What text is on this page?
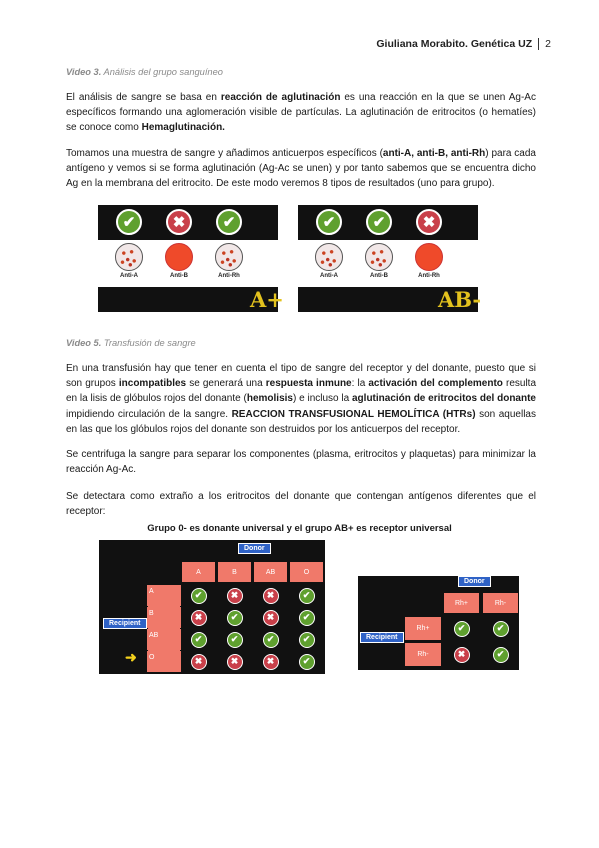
Giuliana Morabito. Genética UZ 2
Video 3. Análisis del grupo sanguíneo
El análisis de sangre se basa en reacción de aglutinación es una reacción en la que se unen Ag-Ac específicos formando una aglomeración visible de partículas. La aglutinación de eritrocitos (o hematíes) se conoce como Hemaglutinación.
Tomamos una muestra de sangre y añadimos anticuerpos específicos (anti-A, anti-B, anti-Rh) para cada antígeno y vemos si se forma aglutinación (Ag-Ac se unen) y por tanto sabemos que se encuentra dicho Ag en la membrana del eritrocito. De este modo veremos 8 tipos de resultados (uno para grupo).
✔	✖	✔
Anti-A	Anti-B	Anti-Rh
A+
✔	✔	✖
Anti-A	Anti-B	Anti-Rh
AB-
Video 5. Transfusión de sangre
En una transfusión hay que tener en cuenta el tipo de sangre del receptor y del donante, puesto que si son grupos incompatibles se generará una respuesta inmune: la activación del complemento resulta en la lisis de glóbulos rojos del donante (hemolisis) e incluso la aglutinación de eritrocitos del donante impidiendo circulación de la sangre. REACCION TRANSFUSIONAL HEMOLÍTICA (HTRs) son aquellas en las que los glóbulos rojos del donante son destruidos por los anticuerpos del receptor.
Se centrifuga la sangre para separar los componentes (plasma, eritrocitos y plaquetas) para minimizar la reacción Ag-Ac.
Se detectara como extraño a los eritrocitos del donante que contengan antígenos diferentes que el receptor:
Grupo 0- es donante universal y el grupo AB+ es receptor universal
Donor
A	B	AB	O
A	✔	✖	✖	✔
B	✖	✔	✖	✔
AB	✔	✔	✔	✔
O	✖	✖	✖	✔
Recipient
➜
Donor
Rh+	Rh-
Rh+	✔	✔
Rh-	✖	✔
Recipient
